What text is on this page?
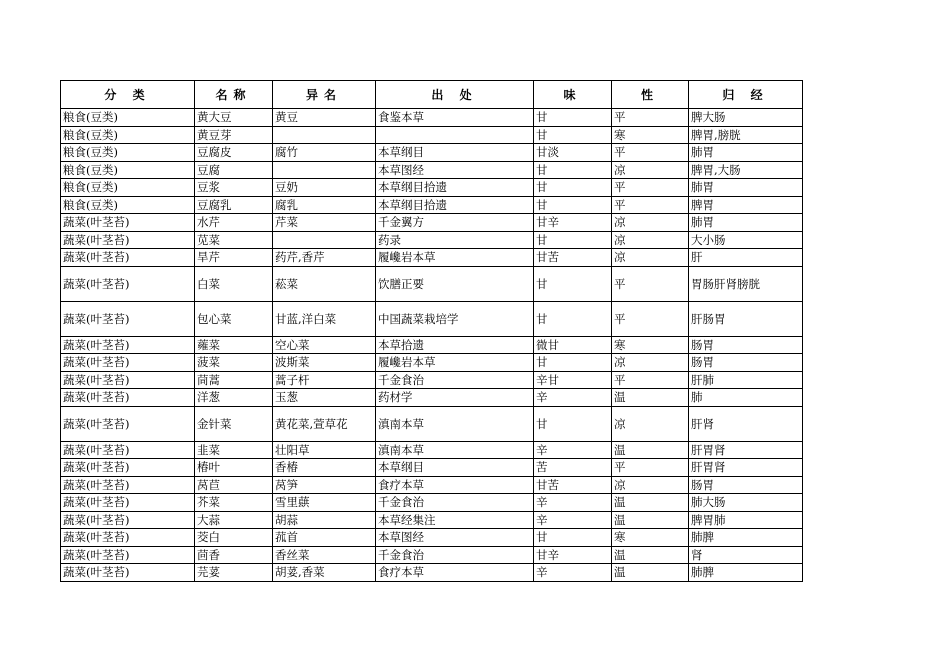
分 类	名称	异名	出 处	味	性	归 经
粮食(豆类)	黄大豆	黄豆	食鉴本草	甘	平	脾大肠
粮食(豆类)	黄豆芽			甘	寒	脾胃,膀胱
粮食(豆类)	豆腐皮	腐竹	本草纲目	甘淡	平	肺胃
粮食(豆类)	豆腐		本草图经	甘	凉	脾胃,大肠
粮食(豆类)	豆浆	豆奶	本草纲目拾遗	甘	平	肺胃
粮食(豆类)	豆腐乳	腐乳	本草纲目拾遗	甘	平	脾胃
蔬菜(叶茎苔)	水芹	芹菜	千金翼方	甘辛	凉	肺胃
蔬菜(叶茎苔)	苋菜		药录	甘	凉	大小肠
蔬菜(叶茎苔)	旱芹	药芹,香芹	履巉岩本草	甘苦	凉	肝
蔬菜(叶茎苔)	白菜	菘菜	饮膳正要	甘	平	胃肠肝肾膀胱
蔬菜(叶茎苔)	包心菜	甘蓝,洋白菜	中国蔬菜栽培学	甘	平	肝肠胃
蔬菜(叶茎苔)	蕹菜	空心菜	本草拾遗	微甘	寒	肠胃
蔬菜(叶茎苔)	菠菜	波斯菜	履巉岩本草	甘	凉	肠胃
蔬菜(叶茎苔)	茼蒿	蒿子杆	千金食治	辛甘	平	肝肺
蔬菜(叶茎苔)	洋葱	玉葱	药材学	辛	温	肺
蔬菜(叶茎苔)	金针菜	黄花菜,萱草花	滇南本草	甘	凉	肝肾
蔬菜(叶茎苔)	韭菜	壮阳草	滇南本草	辛	温	肝胃肾
蔬菜(叶茎苔)	椿叶	香椿	本草纲目	苦	平	肝胃肾
蔬菜(叶茎苔)	莴苣	莴笋	食疗本草	甘苦	凉	肠胃
蔬菜(叶茎苔)	芥菜	雪里蕻	千金食治	辛	温	肺大肠
蔬菜(叶茎苔)	大蒜	胡蒜	本草经集注	辛	温	脾胃肺
蔬菜(叶茎苔)	茭白	菰首	本草图经	甘	寒	肺脾
蔬菜(叶茎苔)	茴香	香丝菜	千金食治	甘辛	温	肾
蔬菜(叶茎苔)	芫荽	胡荽,香菜	食疗本草	辛	温	肺脾
